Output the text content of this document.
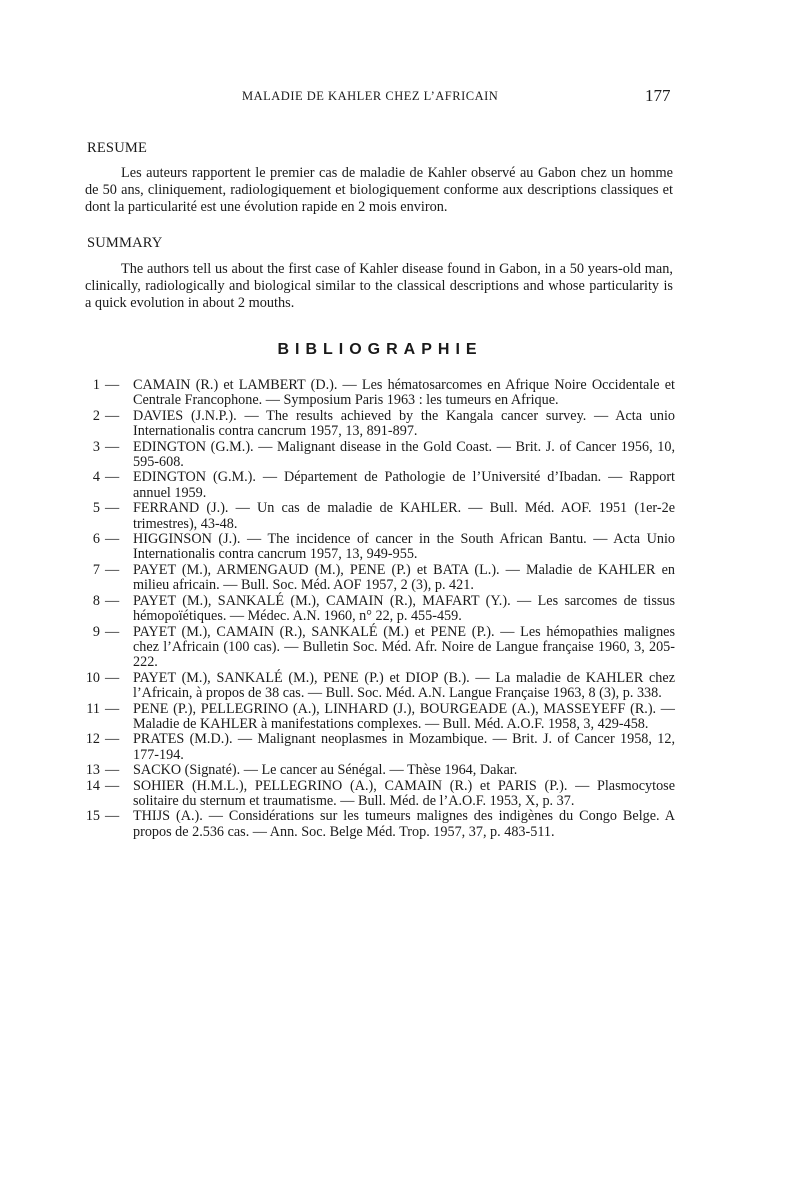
MALADIE DE KAHLER CHEZ L’AFRICAIN	177
RESUME

Les auteurs rapportent le premier cas de maladie de Kahler observé au Gabon chez un homme de 50 ans, cliniquement, radiologiquement et biologiquement conforme aux descriptions classiques et dont la particularité est une évolution rapide en 2 mois environ.

SUMMARY

The authors tell us about the first case of Kahler disease found in Gabon, in a 50 years-old man, clinically, radiologically and biological similar to the classical descriptions and whose particularity is a quick evolution in about 2 mouths.

BIBLIOGRAPHIE
1 — CAMAIN (R.) et LAMBERT (D.). — Les hématosarcomes en Afrique Noire Occidentale et Centrale Francophone. — Symposium Paris 1963 : les tumeurs en Afrique.
2 — DAVIES (J.N.P.). — The results achieved by the Kangala cancer survey. — Acta unio Internationalis contra cancrum 1957, 13, 891-897.
3 — EDINGTON (G.M.). — Malignant disease in the Gold Coast. — Brit. J. of Cancer 1956, 10, 595-608.
4 — EDINGTON (G.M.). — Département de Pathologie de l’Université d’Ibadan. — Rapport annuel 1959.
5 — FERRAND (J.). — Un cas de maladie de KAHLER. — Bull. Méd. AOF. 1951 (1er-2e trimestres), 43-48.
6 — HIGGINSON (J.). — The incidence of cancer in the South African Bantu. — Acta Unio Internationalis contra cancrum 1957, 13, 949-955.
7 — PAYET (M.), ARMENGAUD (M.), PENE (P.) et BATA (L.). — Maladie de KAHLER en milieu africain. — Bull. Soc. Méd. AOF 1957, 2 (3), p. 421.
8 — PAYET (M.), SANKALÉ (M.), CAMAIN (R.), MAFART (Y.). — Les sarcomes de tissus hémopoïétiques. — Médec. A.N. 1960, n° 22, p. 455-459.
9 — PAYET (M.), CAMAIN (R.), SANKALÉ (M.) et PENE (P.). — Les hémopathies malignes chez l’Africain (100 cas). — Bulletin Soc. Méd. Afr. Noire de Langue française 1960, 3, 205-222.
10 — PAYET (M.), SANKALÉ (M.), PENE (P.) et DIOP (B.). — La maladie de KAHLER chez l’Africain, à propos de 38 cas. — Bull. Soc. Méd. A.N. Langue Française 1963, 8 (3), p. 338.
11 — PENE (P.), PELLEGRINO (A.), LINHARD (J.), BOURGEADE (A.), MASSEYEFF (R.). — Maladie de KAHLER à manifestations complexes. — Bull. Méd. A.O.F. 1958, 3, 429-458.
12 — PRATES (M.D.). — Malignant neoplasmes in Mozambique. — Brit. J. of Cancer 1958, 12, 177-194.
13 — SACKO (Signaté). — Le cancer au Sénégal. — Thèse 1964, Dakar.
14 — SOHIER (H.M.L.), PELLEGRINO (A.), CAMAIN (R.) et PARIS (P.). — Plasmocytose solitaire du sternum et traumatisme. — Bull. Méd. de l’A.O.F. 1953, X, p. 37.
15 — THIJS (A.). — Considérations sur les tumeurs malignes des indigènes du Congo Belge. A propos de 2.536 cas. — Ann. Soc. Belge Méd. Trop. 1957, 37, p. 483-511.
